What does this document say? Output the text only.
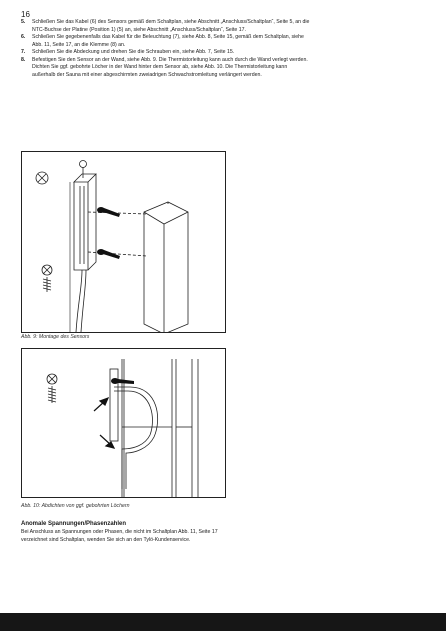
16
5.	Schließen Sie das Kabel (6) des Sensors gemäß dem Schaltplan, siehe Abschnitt „Anschluss/Schaltplan“, Seite 5, an die NTC-Buchse der Platine (Position 1) (5) an, siehe Abschnitt „Anschluss/Schaltplan“, Seite 17.
6.	Schließen Sie gegebenenfalls das Kabel für die Beleuchtung (7), siehe Abb. 8, Seite 15, gemäß dem Schaltplan, siehe Abb. 11, Seite 17, an die Klemme (8) an.
7.	Schließen Sie die Abdeckung und drehen Sie die Schrauben ein, siehe Abb. 7, Seite 15.
8.	Befestigen Sie den Sensor an der Wand, siehe Abb. 9. Die Thermistorleitung kann auch durch die Wand verlegt werden. Dichten Sie ggf. gebohrte Löcher in der Wand hinter dem Sensor ab, siehe Abb. 10. Die Thermistorleitung kann außerhalb der Sauna mit einer abgeschirmten zweiadrigen Schwachstromleitung verlängert werden.
Abb. 9: Montage des Sensors
Abb. 10: Abdichten von ggf. gebohrten Löchern
Anomale Spannungen/Phasenzahlen

Bei Anschluss an Spannungen oder Phasen, die nicht im Schaltplan Abb. 11, Seite 17 verzeichnet sind Schaltplan, wenden Sie sich an den Tylö-Kundenservice.
